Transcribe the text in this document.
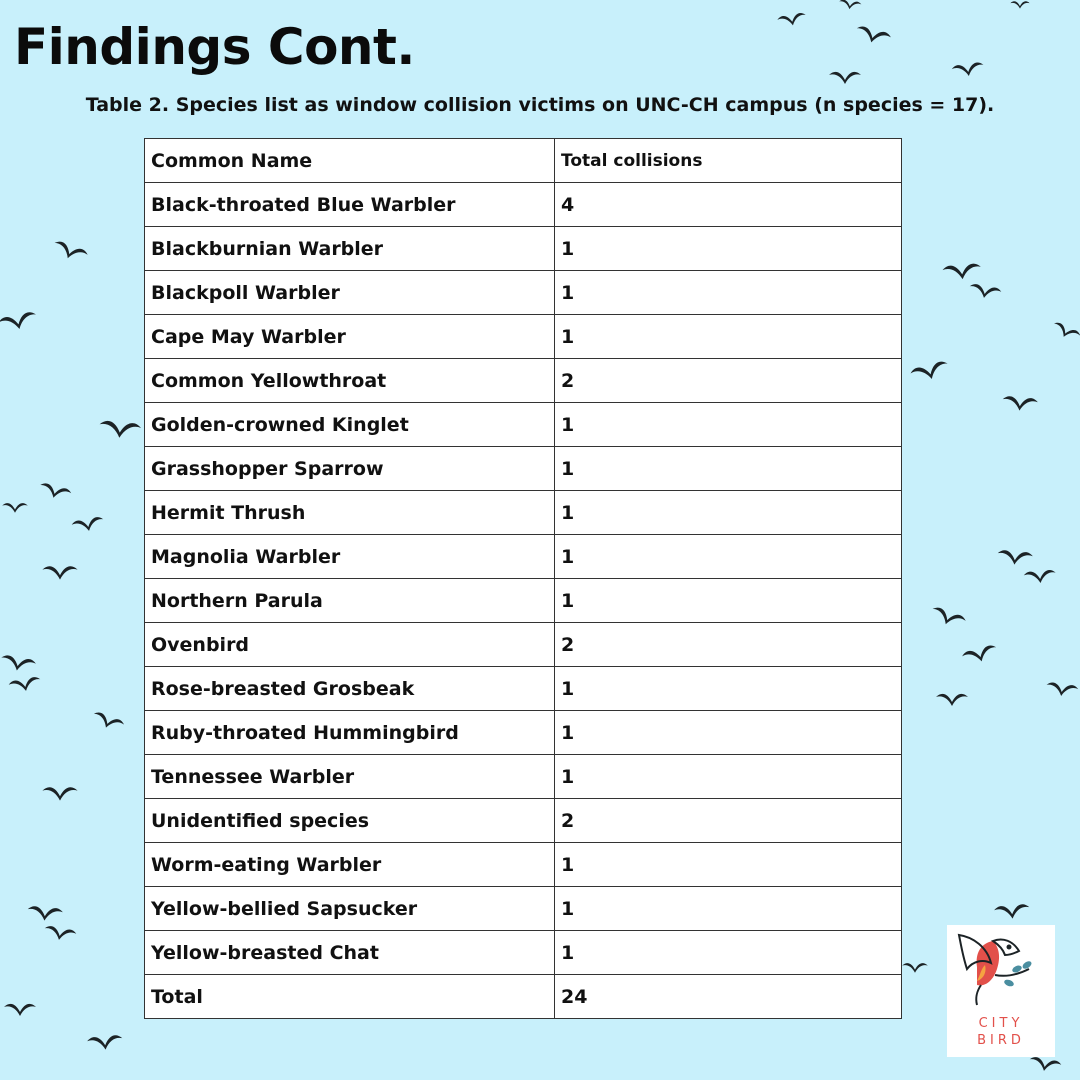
Findings Cont.
Table 2. Species list as window collision victims on UNC-CH campus (n species = 17).
Common Name	Total collisions
Black-throated Blue Warbler	4
Blackburnian Warbler	1
Blackpoll Warbler	1
Cape May Warbler	1
Common Yellowthroat	2
Golden-crowned Kinglet	1
Grasshopper Sparrow	1
Hermit Thrush	1
Magnolia Warbler	1
Northern Parula	1
Ovenbird	2
Rose-breasted Grosbeak	1
Ruby-throated Hummingbird	1
Tennessee Warbler	1
Unidentified species	2
Worm-eating Warbler	1
Yellow-bellied Sapsucker	1
Yellow-breasted Chat	1
Total	24
CITY
BIRD
